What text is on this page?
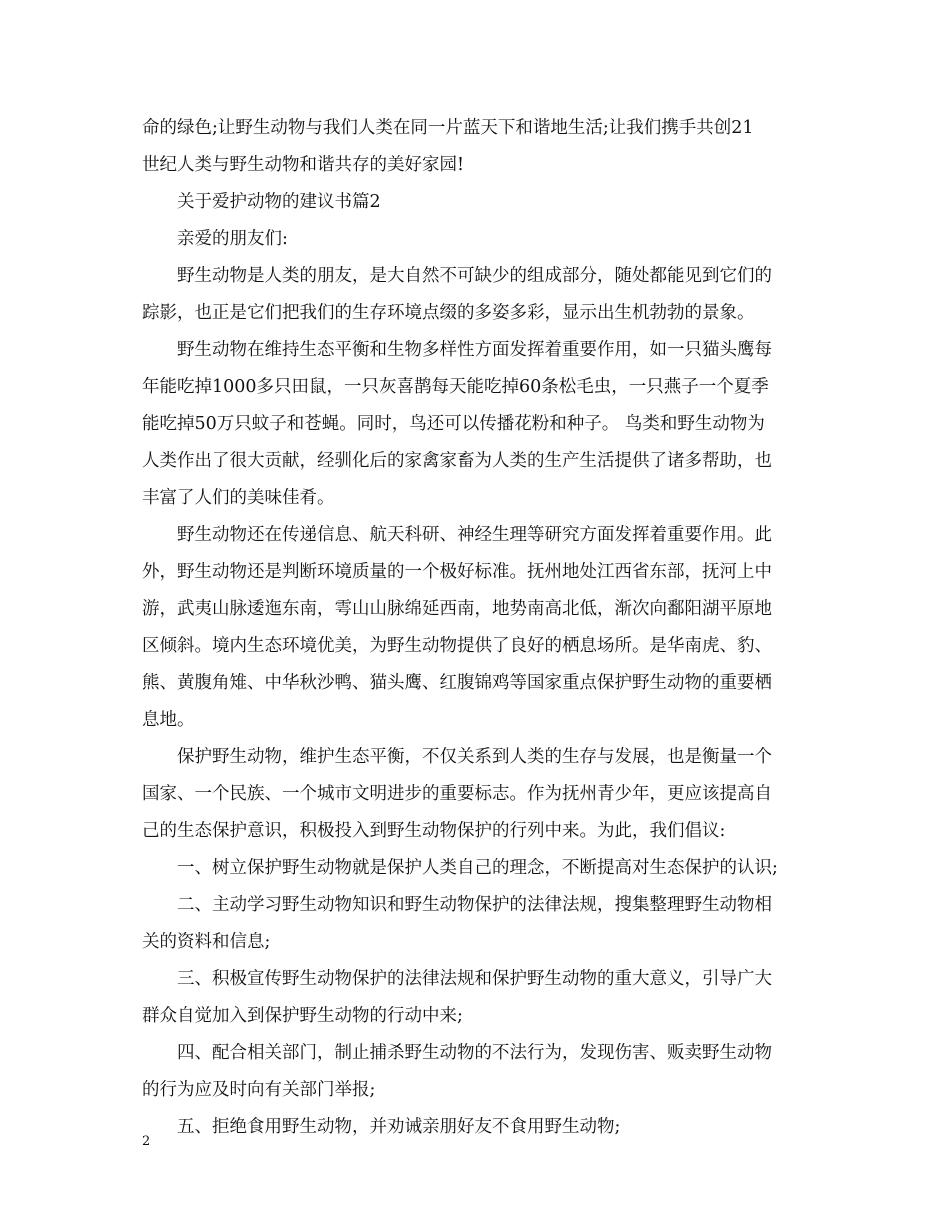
命的绿色;让野生动物与我们人类在同一片蓝天下和谐地生活;让我们携手共创21
世纪人类与野生动物和谐共存的美好家园!
关于爱护动物的建议书篇2
亲爱的朋友们:
野生动物是人类的朋友，是大自然不可缺少的组成部分，随处都能见到它们的
踪影，也正是它们把我们的生存环境点缀的多姿多彩，显示出生机勃勃的景象。
野生动物在维持生态平衡和生物多样性方面发挥着重要作用，如一只猫头鹰每
年能吃掉1000多只田鼠，一只灰喜鹊每天能吃掉60条松毛虫，一只燕子一个夏季
能吃掉50万只蚊子和苍蝇。同时，鸟还可以传播花粉和种子。 鸟类和野生动物为
人类作出了很大贡献，经驯化后的家禽家畜为人类的生产生活提供了诸多帮助，也
丰富了人们的美味佳肴。
野生动物还在传递信息、航天科研、神经生理等研究方面发挥着重要作用。此
外，野生动物还是判断环境质量的一个极好标准。抚州地处江西省东部，抚河上中
游，武夷山脉逶迤东南，雩山山脉绵延西南，地势南高北低，渐次向鄱阳湖平原地
区倾斜。境内生态环境优美，为野生动物提供了良好的栖息场所。是华南虎、豹、
熊、黄腹角雉、中华秋沙鸭、猫头鹰、红腹锦鸡等国家重点保护野生动物的重要栖
息地。
保护野生动物，维护生态平衡，不仅关系到人类的生存与发展，也是衡量一个
国家、一个民族、一个城市文明进步的重要标志。作为抚州青少年，更应该提高自
己的生态保护意识，积极投入到野生动物保护的行列中来。为此，我们倡议:
一、树立保护野生动物就是保护人类自己的理念，不断提高对生态保护的认识;
二、主动学习野生动物知识和野生动物保护的法律法规，搜集整理野生动物相
关的资料和信息;
三、积极宣传野生动物保护的法律法规和保护野生动物的重大意义，引导广大
群众自觉加入到保护野生动物的行动中来;
四、配合相关部门，制止捕杀野生动物的不法行为，发现伤害、贩卖野生动物
的行为应及时向有关部门举报;
五、拒绝食用野生动物，并劝诫亲朋好友不食用野生动物;
2
